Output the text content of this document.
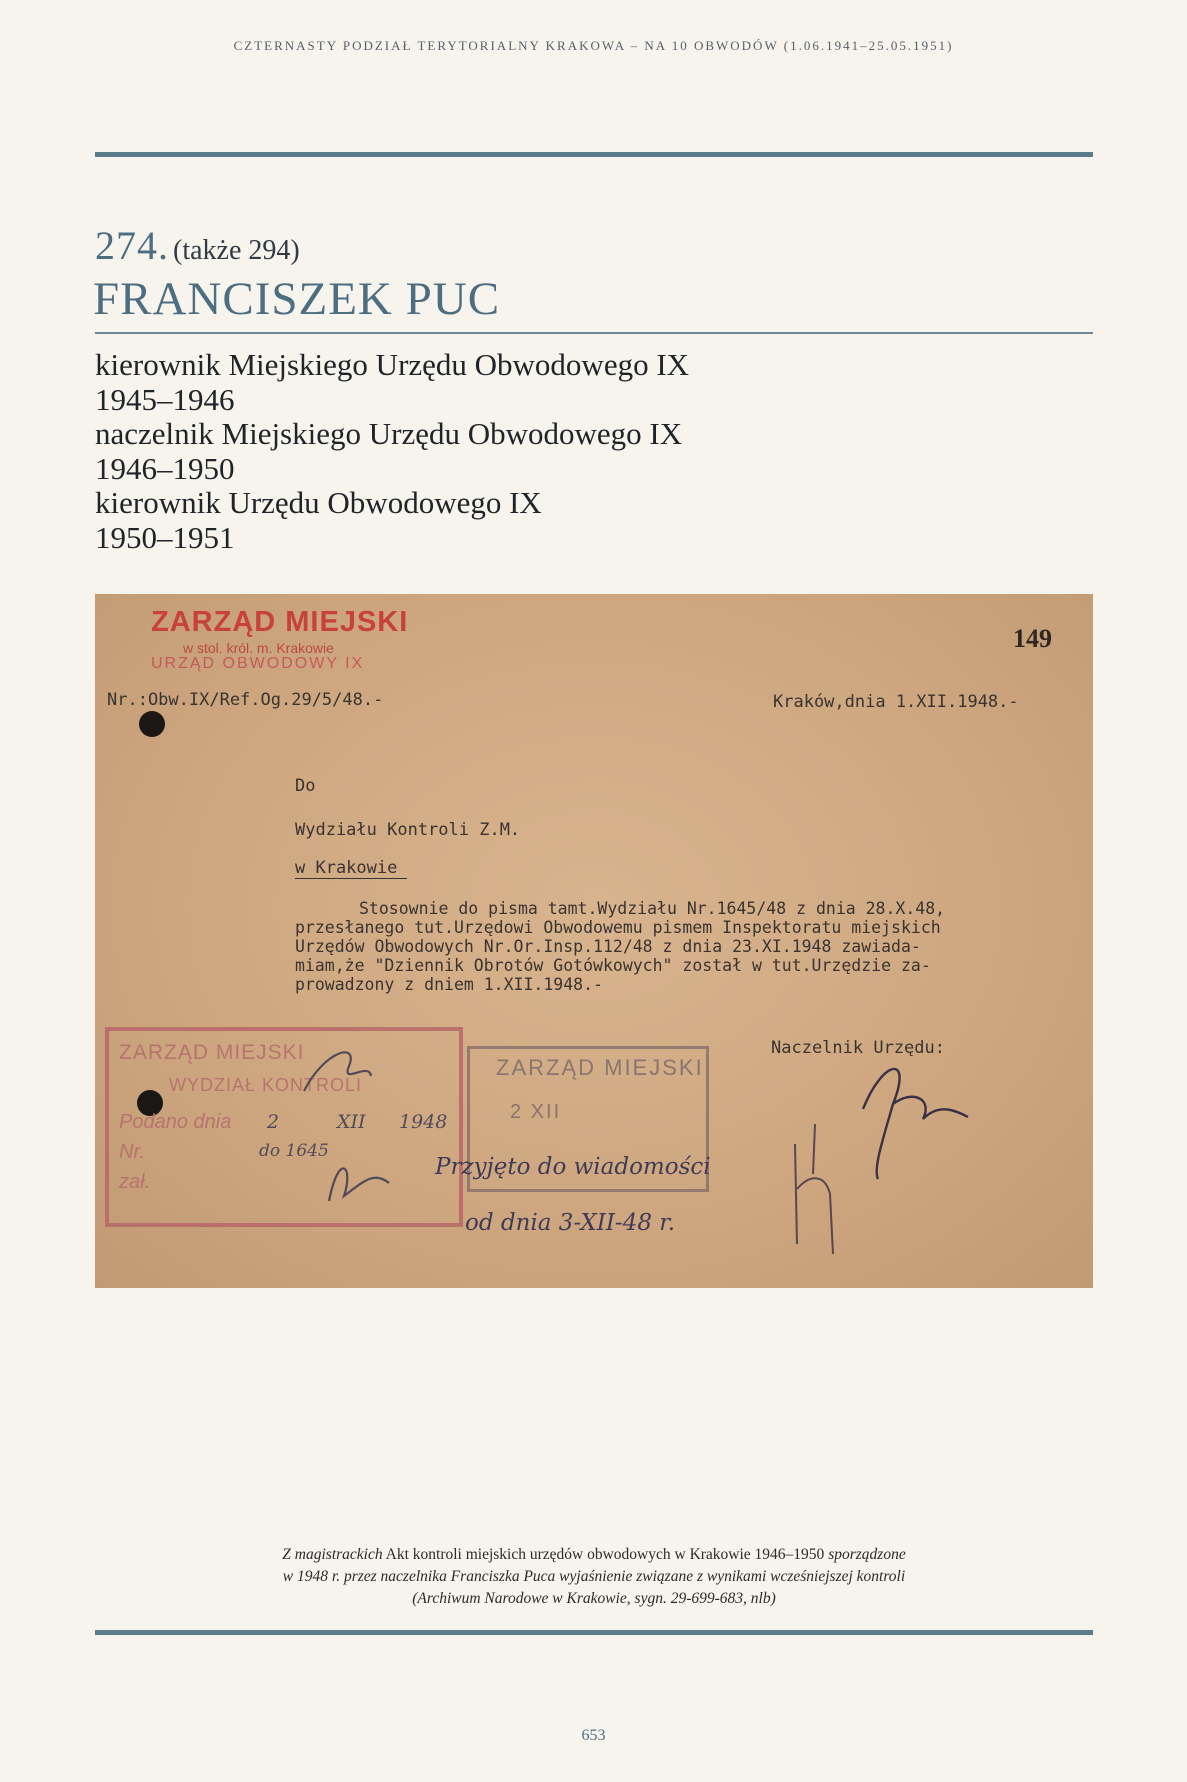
CZTERNASTY PODZIAŁ TERYTORIALNY KRAKOWA – NA 10 OBWODÓW (1.06.1941–25.05.1951)
274. (także 294)
FRANCISZEK PUC
kierownik Miejskiego Urzędu Obwodowego IX
1945–1946
naczelnik Miejskiego Urzędu Obwodowego IX
1946–1950
kierownik Urzędu Obwodowego IX
1950–1951
ZARZĄD MIEJSKI
w stol. król. m. Krakowie
URZĄD OBWODOWY IX
149
Nr.:Obw.IX/Ref.Og.29/5/48.-	Kraków,dnia 1.XII.1948.-
Do
Wydziału Kontroli Z.M.
w Krakowie
Stosownie do pisma tamt.Wydziału Nr.1645/48 z dnia 28.X.48,
przesłanego tut.Urzędowi Obwodowemu pismem Inspektoratu miejskich
Urzędów Obwodowych Nr.Or.Insp.112/48 z dnia 23.XI.1948 zawiada-
miam,że "Dziennik Obrotów Gotówkowych" został w tut.Urzędzie za-
prowadzony z dniem 1.XII.1948.-
ZARZĄD MIEJSKI
WYDZIAŁ KONTROLI
Podano dnia 2	XII 1948
Nr.	do 1645
zał.
ZARZĄD MIEJSKI
2 XII
Naczelnik Urzędu:
Przyjęto do wiadomości
od dnia 3-XII-48 r.
Z magistrackich Akt kontroli miejskich urzędów obwodowych w Krakowie 1946–1950 sporządzone
w 1948 r. przez naczelnika Franciszka Puca wyjaśnienie związane z wynikami wcześniejszej kontroli
(Archiwum Narodowe w Krakowie, sygn. 29-699-683, nlb)
653
